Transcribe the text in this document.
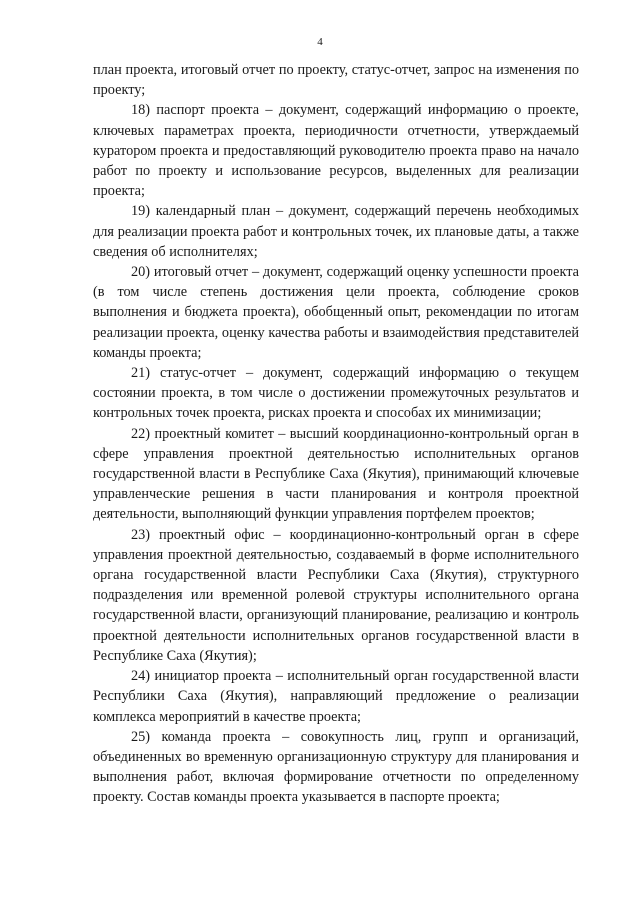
4

план проекта, итоговый отчет по проекту, статус-отчет, запрос на изменения по проекту;

18) паспорт проекта – документ, содержащий информацию о проекте, ключевых параметрах проекта, периодичности отчетности, утверждаемый куратором проекта и предоставляющий руководителю проекта право на начало работ по проекту и использование ресурсов, выделенных для реализации проекта;

19) календарный план – документ, содержащий перечень необходимых для реализации проекта работ и контрольных точек, их плановые даты, а также сведения об исполнителях;

20) итоговый отчет – документ, содержащий оценку успешности проекта (в том числе степень достижения цели проекта, соблюдение сроков выполнения и бюджета проекта), обобщенный опыт, рекомендации по итогам реализации проекта, оценку качества работы и взаимодействия представителей команды проекта;

21) статус-отчет – документ, содержащий информацию о текущем состоянии проекта, в том числе о достижении промежуточных результатов и контрольных точек проекта, рисках проекта и способах их минимизации;

22) проектный комитет – высший координационно-контрольный орган в сфере управления проектной деятельностью исполнительных органов государственной власти в Республике Саха (Якутия), принимающий ключевые управленческие решения в части планирования и контроля проектной деятельности, выполняющий функции управления портфелем проектов;

23) проектный офис – координационно-контрольный орган в сфере управления проектной деятельностью, создаваемый в форме исполнительного органа государственной власти Республики Саха (Якутия), структурного подразделения или временной ролевой структуры исполнительного органа государственной власти, организующий планирование, реализацию и контроль проектной деятельности исполнительных органов государственной власти в Республике Саха (Якутия);

24) инициатор проекта – исполнительный орган государственной власти Республики Саха (Якутия), направляющий предложение о реализации комплекса мероприятий в качестве проекта;

25) команда проекта – совокупность лиц, групп и организаций, объединенных во временную организационную структуру для планирования и выполнения работ, включая формирование отчетности по определенному проекту. Состав команды проекта указывается в паспорте проекта;
